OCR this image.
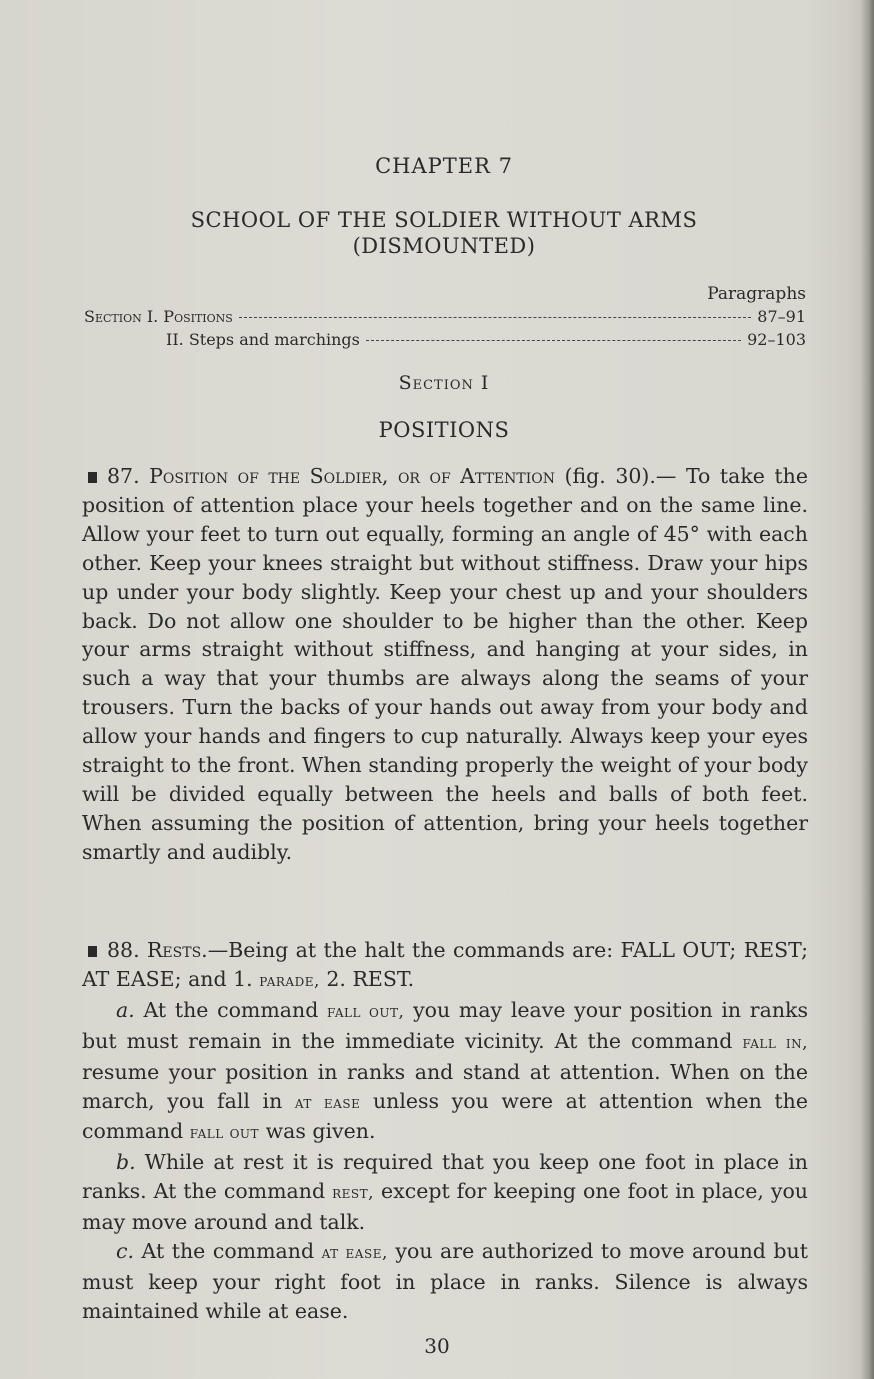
CHAPTER 7
SCHOOL OF THE SOLDIER WITHOUT ARMS
(DISMOUNTED)
Paragraphs
Section I. Positions	87–91
II. Steps and marchings	92–103
Section I
POSITIONS

87. Position of the Soldier, or of Attention (fig. 30).— To take the position of attention place your heels together and on the same line. Allow your feet to turn out equally, forming an angle of 45° with each other. Keep your knees straight but without stiffness. Draw your hips up under your body slightly. Keep your chest up and your shoulders back. Do not allow one shoulder to be higher than the other. Keep your arms straight without stiffness, and hanging at your sides, in such a way that your thumbs are always along the seams of your trousers. Turn the backs of your hands out away from your body and allow your hands and fingers to cup naturally. Always keep your eyes straight to the front. When standing properly the weight of your body will be divided equally between the heels and balls of both feet. When assuming the position of attention, bring your heels together smartly and audibly.

88. Rests.—Being at the halt the commands are: FALL OUT; REST; AT EASE; and 1. parade, 2. REST.

a. At the command fall out, you may leave your position in ranks but must remain in the immediate vicinity. At the command fall in, resume your position in ranks and stand at attention. When on the march, you fall in at ease unless you were at attention when the command fall out was given.

b. While at rest it is required that you keep one foot in place in ranks. At the command rest, except for keeping one foot in place, you may move around and talk.

c. At the command at ease, you are authorized to move around but must keep your right foot in place in ranks. Silence is always maintained while at ease.

30
